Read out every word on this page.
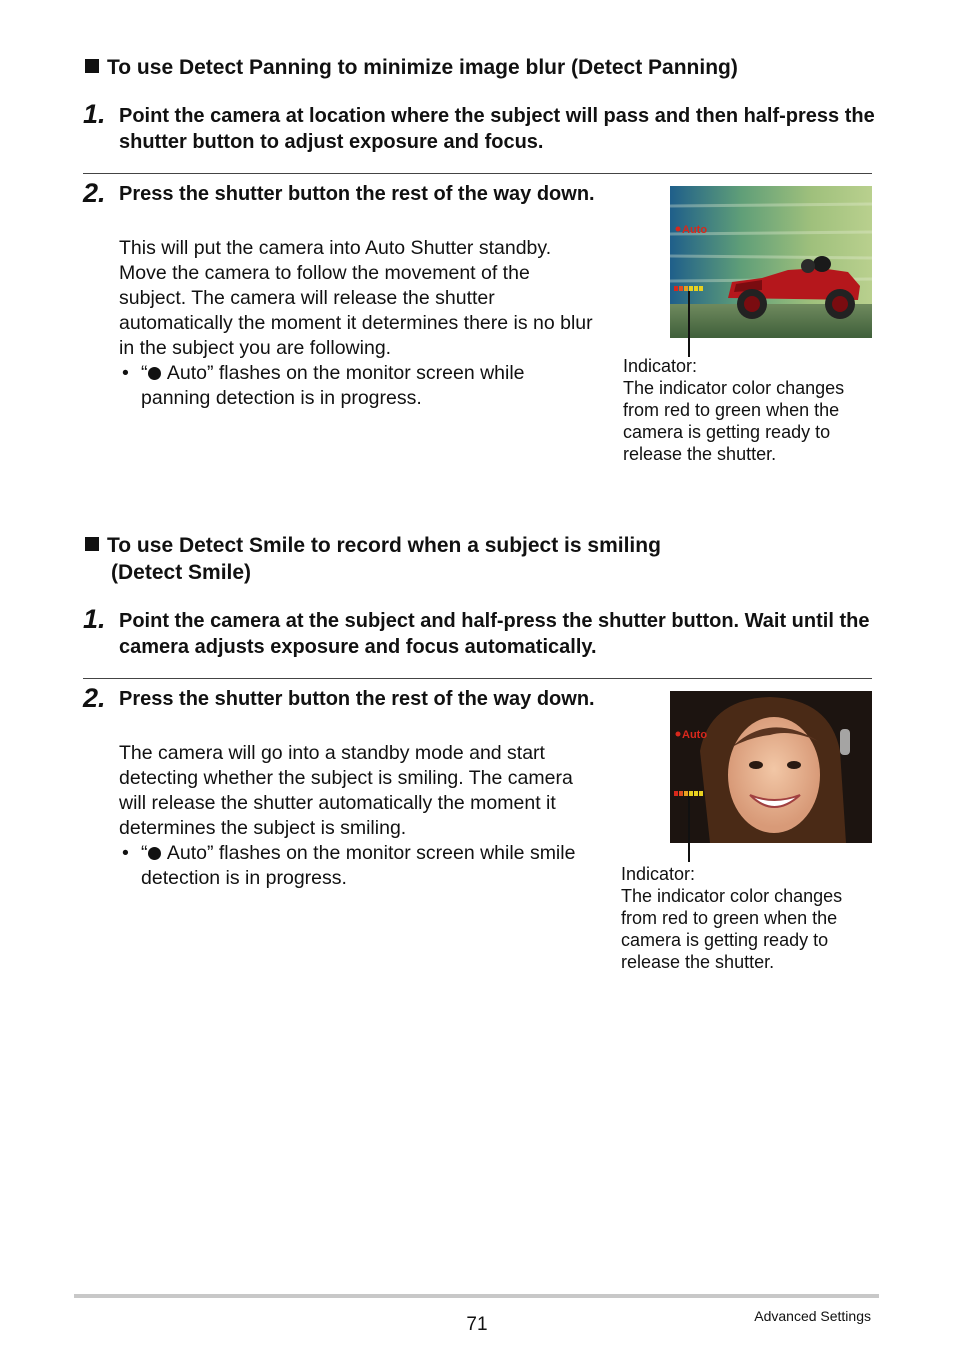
To use Detect Panning to minimize image blur (Detect Panning)
1. Point the camera at location where the subject will pass and then half-press the shutter button to adjust exposure and focus.
2. Press the shutter button the rest of the way down.
This will put the camera into Auto Shutter standby. Move the camera to follow the movement of the subject. The camera will release the shutter automatically the moment it determines there is no blur in the subject you are following.
• “ Auto” flashes on the monitor screen while panning detection is in progress.
Auto
Indicator:
The indicator color changes from red to green when the camera is getting ready to release the shutter.
To use Detect Smile to record when a subject is smiling
(Detect Smile)
1. Point the camera at the subject and half-press the shutter button. Wait until the camera adjusts exposure and focus automatically.
2. Press the shutter button the rest of the way down.
The camera will go into a standby mode and start detecting whether the subject is smiling. The camera will release the shutter automatically the moment it determines the subject is smiling.
• “ Auto” flashes on the monitor screen while smile detection is in progress.
Auto
Indicator:
The indicator color changes from red to green when the camera is getting ready to release the shutter.
71	Advanced Settings
